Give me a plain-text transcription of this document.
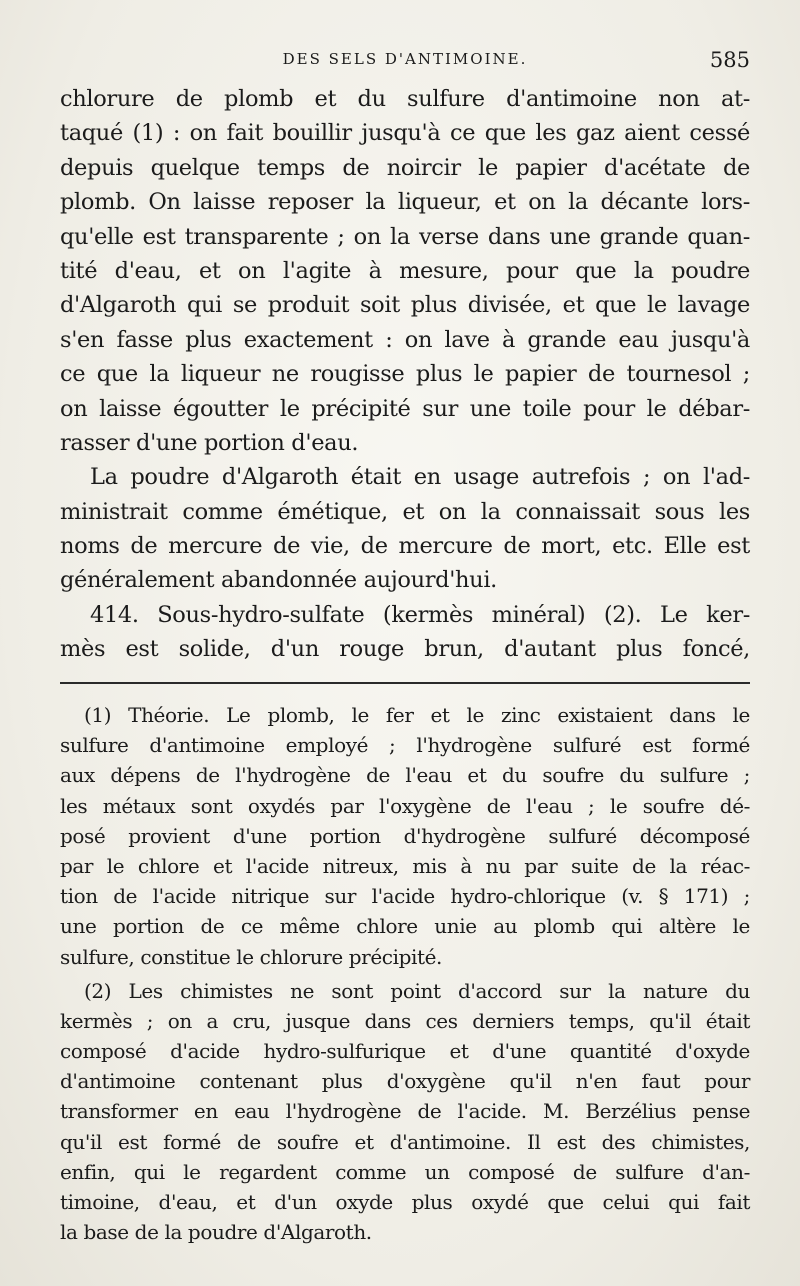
DES SELS D'ANTIMOINE.	585
chlorure de plomb et du sulfure d'antimoine non at-
taqué (1) : on fait bouillir jusqu'à ce que les gaz aient cessé
depuis quelque temps de noircir le papier d'acétate de
plomb. On laisse reposer la liqueur, et on la décante lors-
qu'elle est transparente ; on la verse dans une grande quan-
tité d'eau, et on l'agite à mesure, pour que la poudre
d'Algaroth qui se produit soit plus divisée, et que le lavage
s'en fasse plus exactement : on lave à grande eau jusqu'à
ce que la liqueur ne rougisse plus le papier de tournesol ;
on laisse égoutter le précipité sur une toile pour le débar-
rasser d'une portion d'eau.
La poudre d'Algaroth était en usage autrefois ; on l'ad-
ministrait comme émétique, et on la connaissait sous les
noms de mercure de vie, de mercure de mort, etc. Elle est
généralement abandonnée aujourd'hui.
414. Sous-hydro-sulfate (kermès minéral) (2). Le ker-
mès est solide, d'un rouge brun, d'autant plus foncé,
(1) Théorie. Le plomb, le fer et le zinc existaient dans le
sulfure d'antimoine employé ; l'hydrogène sulfuré est formé
aux dépens de l'hydrogène de l'eau et du soufre du sulfure ;
les métaux sont oxydés par l'oxygène de l'eau ; le soufre dé-
posé provient d'une portion d'hydrogène sulfuré décomposé
par le chlore et l'acide nitreux, mis à nu par suite de la réac-
tion de l'acide nitrique sur l'acide hydro-chlorique (v. § 171) ;
une portion de ce même chlore unie au plomb qui altère le
sulfure, constitue le chlorure précipité.
(2) Les chimistes ne sont point d'accord sur la nature du
kermès ; on a cru, jusque dans ces derniers temps, qu'il était
composé d'acide hydro-sulfurique et d'une quantité d'oxyde
d'antimoine contenant plus d'oxygène qu'il n'en faut pour
transformer en eau l'hydrogène de l'acide. M. Berzélius pense
qu'il est formé de soufre et d'antimoine. Il est des chimistes,
enfin, qui le regardent comme un composé de sulfure d'an-
timoine, d'eau, et d'un oxyde plus oxydé que celui qui fait
la base de la poudre d'Algaroth.
